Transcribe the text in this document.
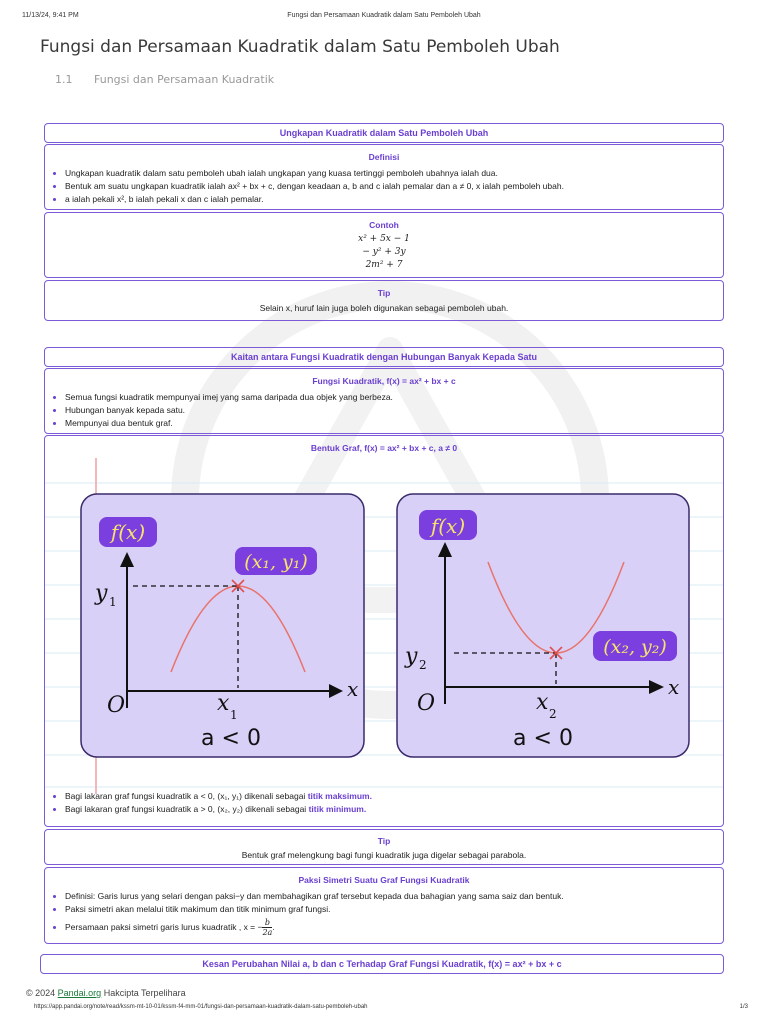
11/13/24, 9:41 PM	Fungsi dan Persamaan Kuadratik dalam Satu Pemboleh Ubah
Fungsi dan Persamaan Kuadratik dalam Satu Pemboleh Ubah
1.1 Fungsi dan Persamaan Kuadratik
Ungkapan Kuadratik dalam Satu Pemboleh Ubah
Definisi
• Ungkapan kuadratik dalam satu pemboleh ubah ialah ungkapan yang kuasa tertinggi pemboleh ubahnya ialah dua.
• Bentuk am suatu ungkapan kuadratik ialah ax² + bx + c, dengan keadaan a, b and c ialah pemalar dan a ≠ 0, x ialah pemboleh ubah.
• a ialah pekali x², b ialah pekali x dan c ialah pemalar.
Contoh
x² + 5x − 1
− y² + 3y
2m² + 7
Tip
Selain x, huruf lain juga boleh digunakan sebagai pemboleh ubah.
Kaitan antara Fungsi Kuadratik dengan Hubungan Banyak Kepada Satu
Fungsi Kuadratik, f(x) = ax² + bx + c
• Semua fungsi kuadratik mempunyai imej yang sama daripada dua objek yang berbeza.
• Hubungan banyak kepada satu.
• Mempunyai dua bentuk graf.
Bentuk Graf, f(x) = ax² + bx + c, a ≠ 0
f(x)
(x₁, y₁)
y 1
O	x 1
x
a < 0
f(x)
(x₂, y₂)
y 2
O	x 2
x
a < 0
• Bagi lakaran graf fungsi kuadratik a < 0, (x₁, y₁) dikenali sebagai titik maksimum.
• Bagi lakaran graf fungsi kuadratik a > 0, (x₂, y₂) dikenali sebagai titik minimum.
Tip
Bentuk graf melengkung bagi fungi kuadratik juga digelar sebagai parabola.
Paksi Simetri Suatu Graf Fungsi Kuadratik
• Definisi: Garis lurus yang selari dengan paksi−y dan membahagikan graf tersebut kepada dua bahagian yang sama saiz dan bentuk.
• Paksi simetri akan melalui titik makimum dan titik minimum graf fungsi.
• Persamaan paksi simetri garis lurus kuadratik , x = − $\frac{b}{2a}$ .
Kesan Perubahan Nilai a, b dan c Terhadap Graf Fungsi Kuadratik, f(x) = ax² + bx + c
© 2024 Pandai.org Hakcipta Terpelihara
https://app.pandai.org/note/read/kssm-mt-10-01/kssm-f4-mm-01/fungsi-dan-persamaan-kuadratik-dalam-satu-pemboleh-ubah	1/3
